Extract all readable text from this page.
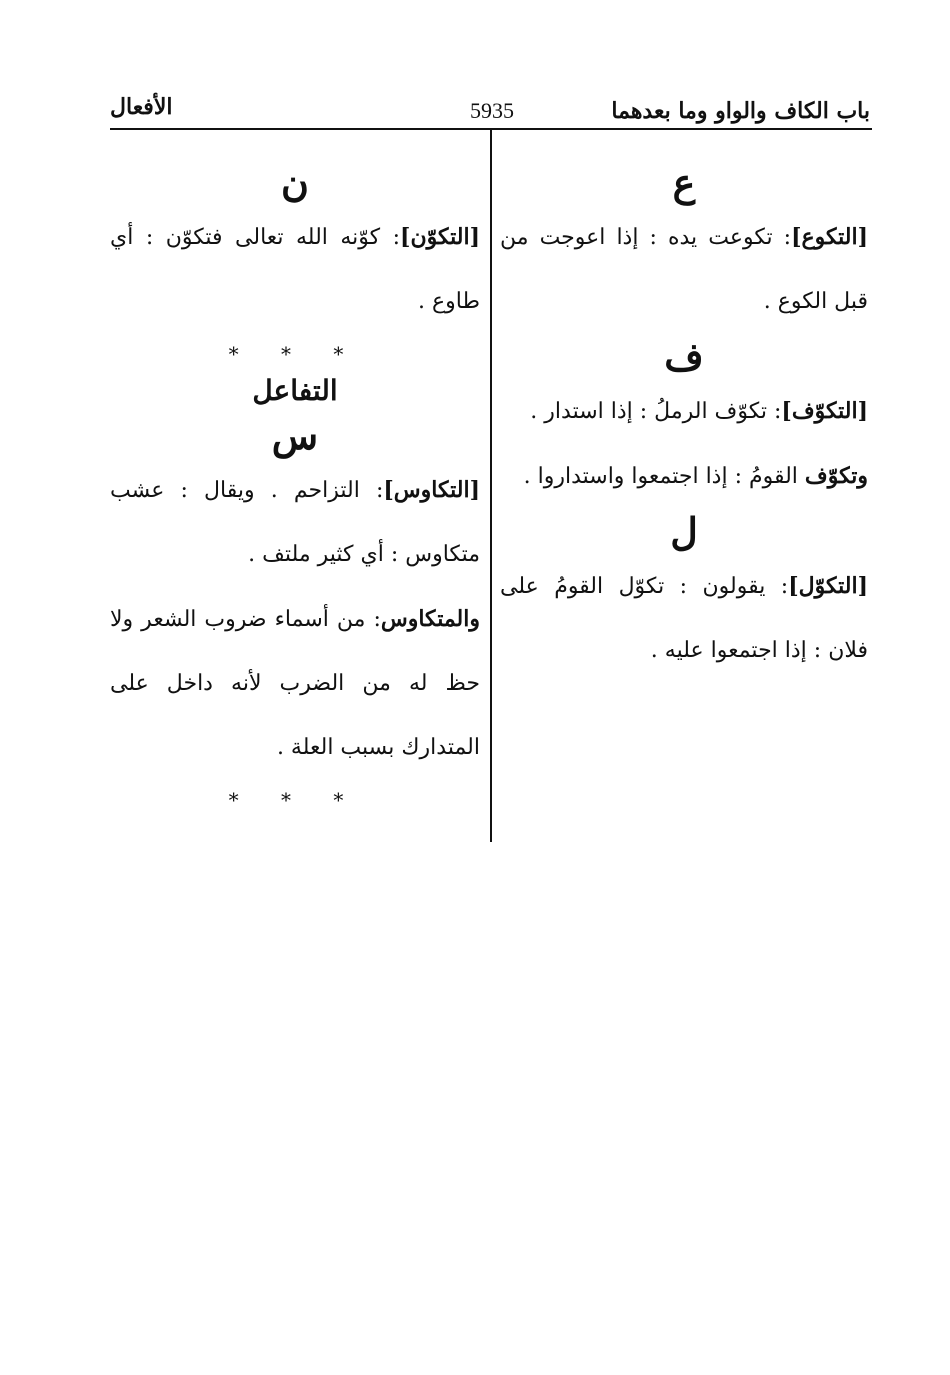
باب الكاف والواو وما بعدهما
5935
الأفعال
ع
[التكوع]: تكوعت يده : إذا اعوجت من قبل الكوع .
ف
[التكوّف]: تكوّف الرملُ : إذا استدار .
وتكوّف القومُ : إذا اجتمعوا واستداروا .
ل
[التكوّل]: يقولون : تكوّل القومُ على فلان : إذا اجتمعوا عليه .
ن
[التكوّن]: كوّنه الله تعالى فتكوّن : أي طاوع .
* * *
التفاعل
س
[التكاوس]: التزاحم . ويقال : عشب متكاوس : أي كثير ملتف .
والمتكاوس: من أسماء ضروب الشعر ولا حظ له من الضرب لأنه داخل على المتدارك بسبب العلة .
* * *
